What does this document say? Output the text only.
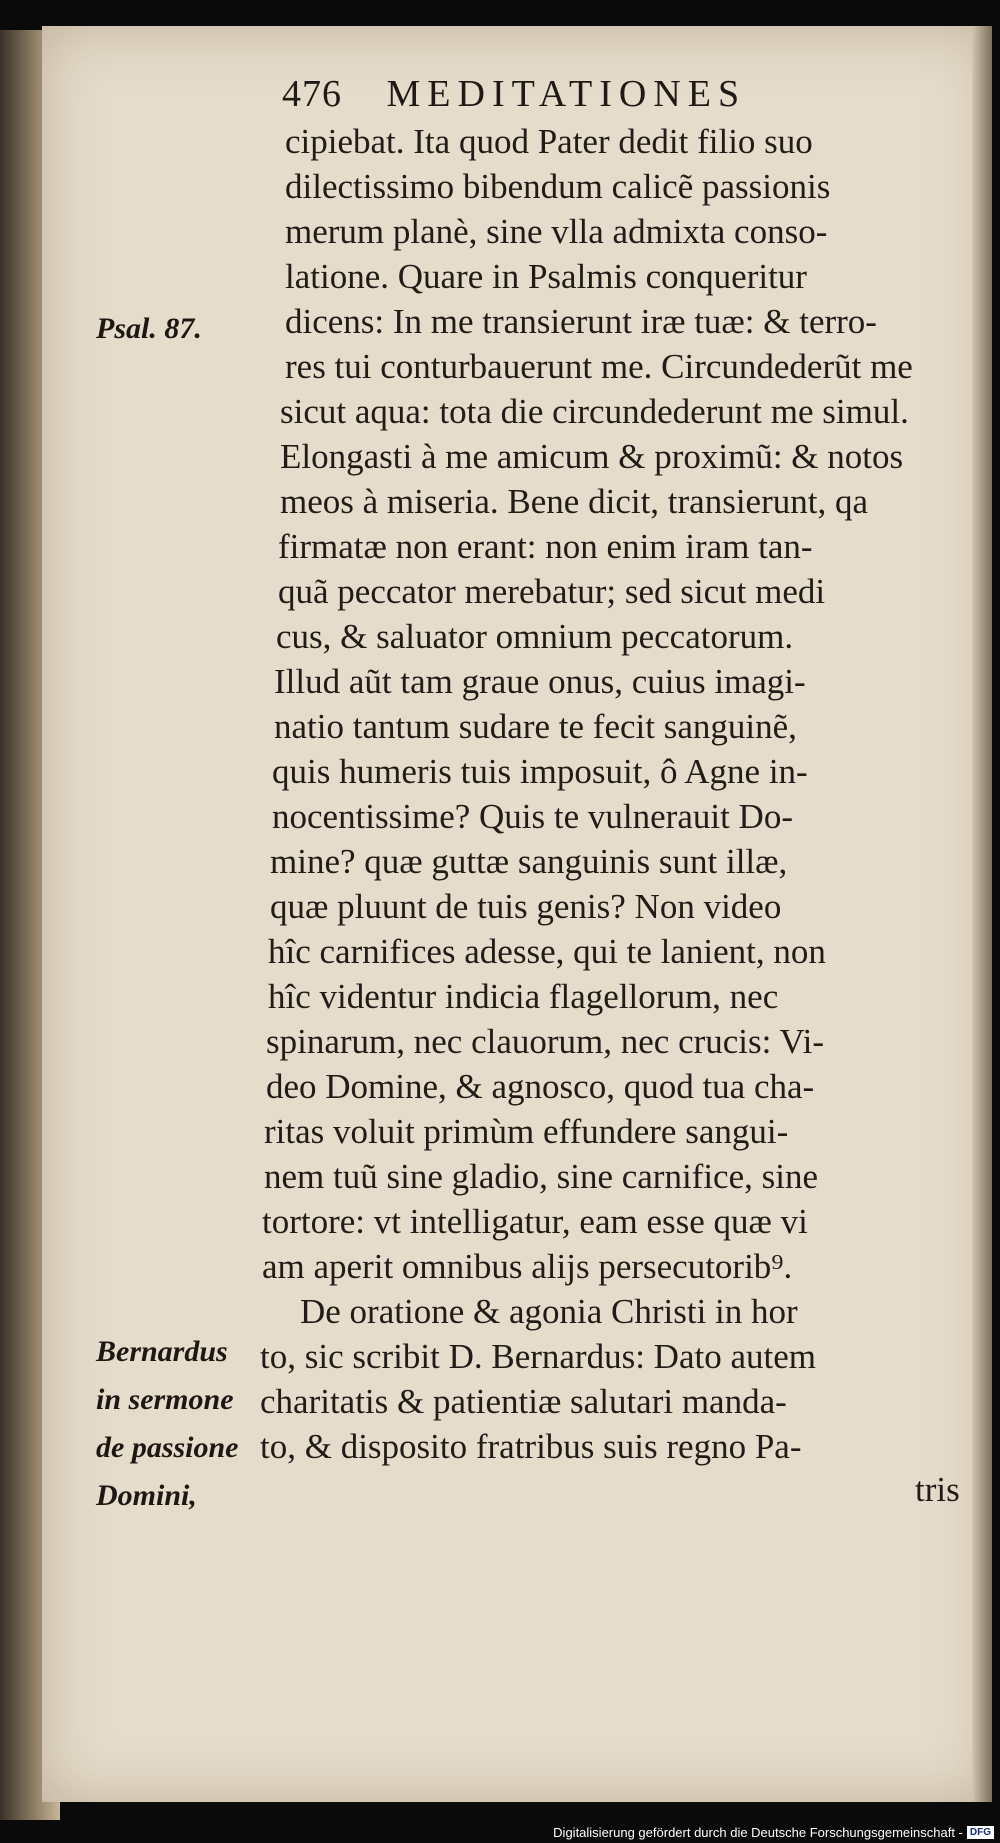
476 MEDITATIONES
Psal. 87.
Bernardus
in sermone
de passione
Domini,
cipiebat. Ita quod Pater dedit filio suo
dilectissimo bibendum calicẽ passionis
merum planè, sine vlla admixta conso-
latione. Quare in Psalmis conqueritur
dicens: In me transierunt iræ tuæ: & terro-
res tui conturbauerunt me. Circundederũt me
sicut aqua: tota die circundederunt me simul.
Elongasti à me amicum & proximũ: & notos
meos à miseria. Bene dicit, transierunt, qa
firmatæ non erant: non enim iram tan-
quã peccator merebatur; sed sicut medi
cus, & saluator omnium peccatorum.
Illud aũt tam graue onus, cuius imagi-
natio tantum sudare te fecit sanguinẽ,
quis humeris tuis imposuit, ô Agne in-
nocentissime? Quis te vulnerauit Do-
mine? quæ guttæ sanguinis sunt illæ,
quæ pluunt de tuis genis? Non video
hîc carnifices adesse, qui te lanient, non
hîc videntur indicia flagellorum, nec
spinarum, nec clauorum, nec crucis: Vi-
deo Domine, & agnosco, quod tua cha-
ritas voluit primùm effundere sangui-
nem tuũ sine gladio, sine carnifice, sine
tortore: vt intelligatur, eam esse quæ vi
am aperit omnibus alijs persecutorib⁹.
De oratione & agonia Christi in hor
to, sic scribit D. Bernardus: Dato autem
charitatis & patientiæ salutari manda-
to, & disposito fratribus suis regno Pa-
tris
Digitalisierung gefördert durch die Deutsche Forschungsgemeinschaft - DFG
